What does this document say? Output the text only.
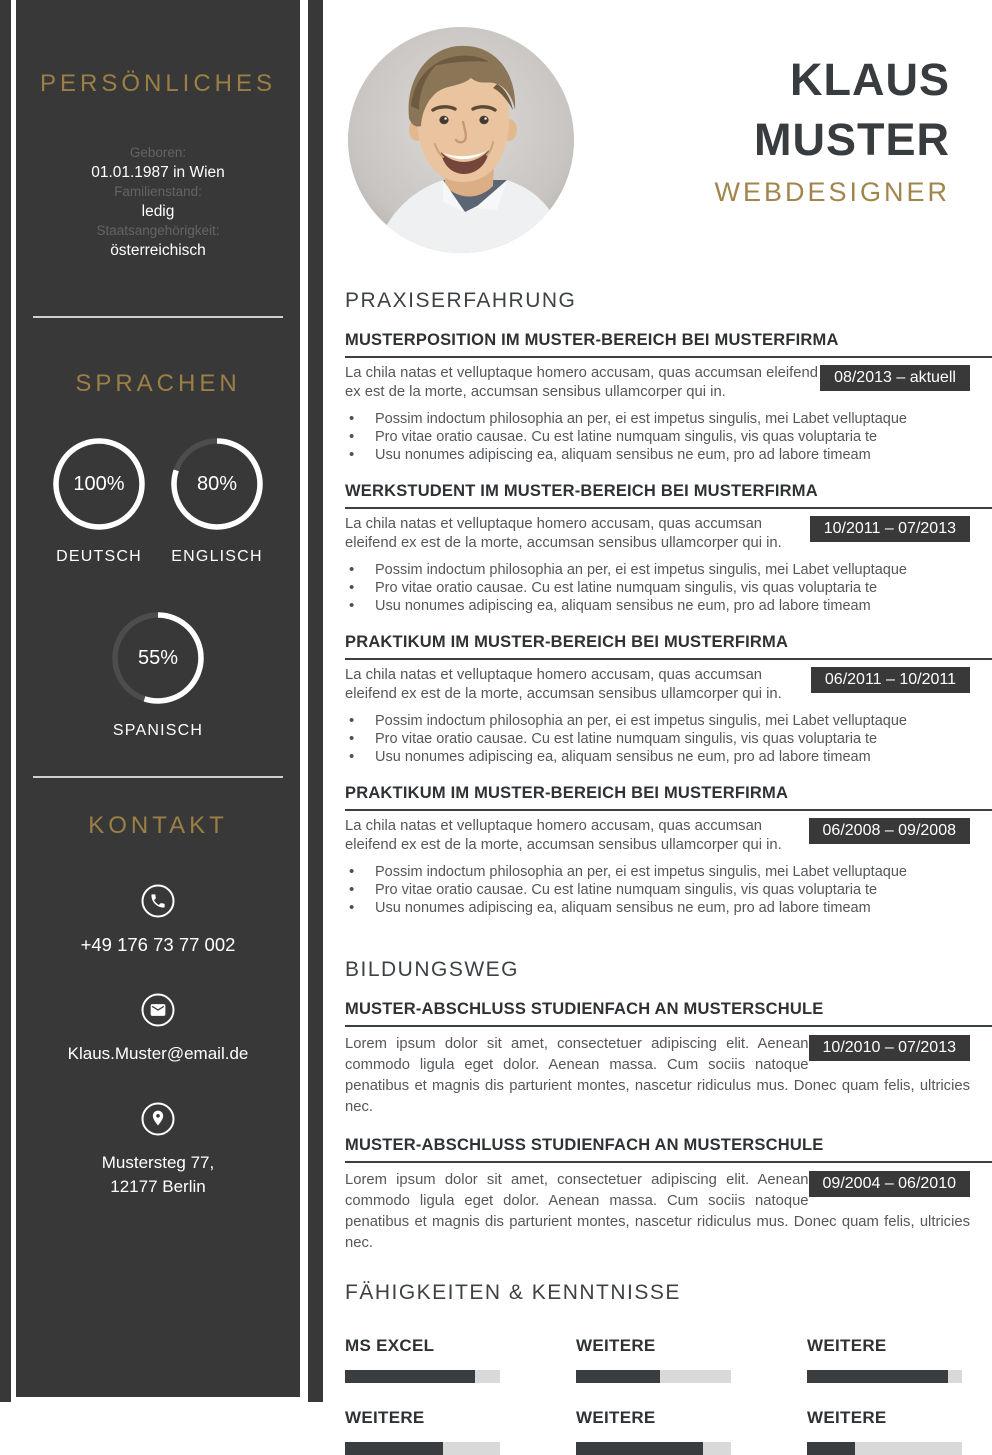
PERSÖNLICHES
Geboren:
01.01.1987 in Wien
Familienstand:
ledig
Staatsangehörigkeit:
österreichisch
SPRACHEN
100%
DEUTSCH
80%
ENGLISCH
55%
SPANISCH
KONTAKT
+49 176 73 77 002
Klaus.Muster@email.de
Mustersteg 77,
12177 Berlin
KLAUS
MUSTER
WEBDESIGNER
PRAXISERFAHRUNG
MUSTERPOSITION IM MUSTER-BEREICH BEI MUSTERFIRMA
08/2013 – aktuell

La chila natas et velluptaque homero accusam, quas accumsan eleifend ex est de la morte, accumsan sensibus ullamcorper qui in.

• Possim indoctum philosophia an per, ei est impetus singulis, mei Labet velluptaque
• Pro vitae oratio causae. Cu est latine numquam singulis, vis quas voluptaria te
• Usu nonumes adipiscing ea, aliquam sensibus ne eum, pro ad labore timeam
WERKSTUDENT IM MUSTER-BEREICH BEI MUSTERFIRMA
10/2011 – 07/2013

La chila natas et velluptaque homero accusam, quas accumsan eleifend ex est de la morte, accumsan sensibus ullamcorper qui in.

• Possim indoctum philosophia an per, ei est impetus singulis, mei Labet velluptaque
• Pro vitae oratio causae. Cu est latine numquam singulis, vis quas voluptaria te
• Usu nonumes adipiscing ea, aliquam sensibus ne eum, pro ad labore timeam
PRAKTIKUM IM MUSTER-BEREICH BEI MUSTERFIRMA
06/2011 – 10/2011

La chila natas et velluptaque homero accusam, quas accumsan eleifend ex est de la morte, accumsan sensibus ullamcorper qui in.

• Possim indoctum philosophia an per, ei est impetus singulis, mei Labet velluptaque
• Pro vitae oratio causae. Cu est latine numquam singulis, vis quas voluptaria te
• Usu nonumes adipiscing ea, aliquam sensibus ne eum, pro ad labore timeam
PRAKTIKUM IM MUSTER-BEREICH BEI MUSTERFIRMA
06/2008 – 09/2008

La chila natas et velluptaque homero accusam, quas accumsan eleifend ex est de la morte, accumsan sensibus ullamcorper qui in.

• Possim indoctum philosophia an per, ei est impetus singulis, mei Labet velluptaque
• Pro vitae oratio causae. Cu est latine numquam singulis, vis quas voluptaria te
• Usu nonumes adipiscing ea, aliquam sensibus ne eum, pro ad labore timeam
BILDUNGSWEG
MUSTER-ABSCHLUSS STUDIENFACH AN MUSTERSCHULE
10/2010 – 07/2013

Lorem ipsum dolor sit amet, consectetuer adipiscing elit. Aenean commodo ligula eget dolor. Aenean massa. Cum sociis natoque penatibus et magnis dis parturient montes, nascetur ridiculus mus. Donec quam felis, ultricies nec.

MUSTER-ABSCHLUSS STUDIENFACH AN MUSTERSCHULE
09/2004 – 06/2010

Lorem ipsum dolor sit amet, consectetuer adipiscing elit. Aenean commodo ligula eget dolor. Aenean massa. Cum sociis natoque penatibus et magnis dis parturient montes, nascetur ridiculus mus. Donec quam felis, ultricies nec.

FÄHIGKEITEN & KENNTNISSE
MS EXCEL	WEITERE	WEITERE
WEITERE	WEITERE	WEITERE
